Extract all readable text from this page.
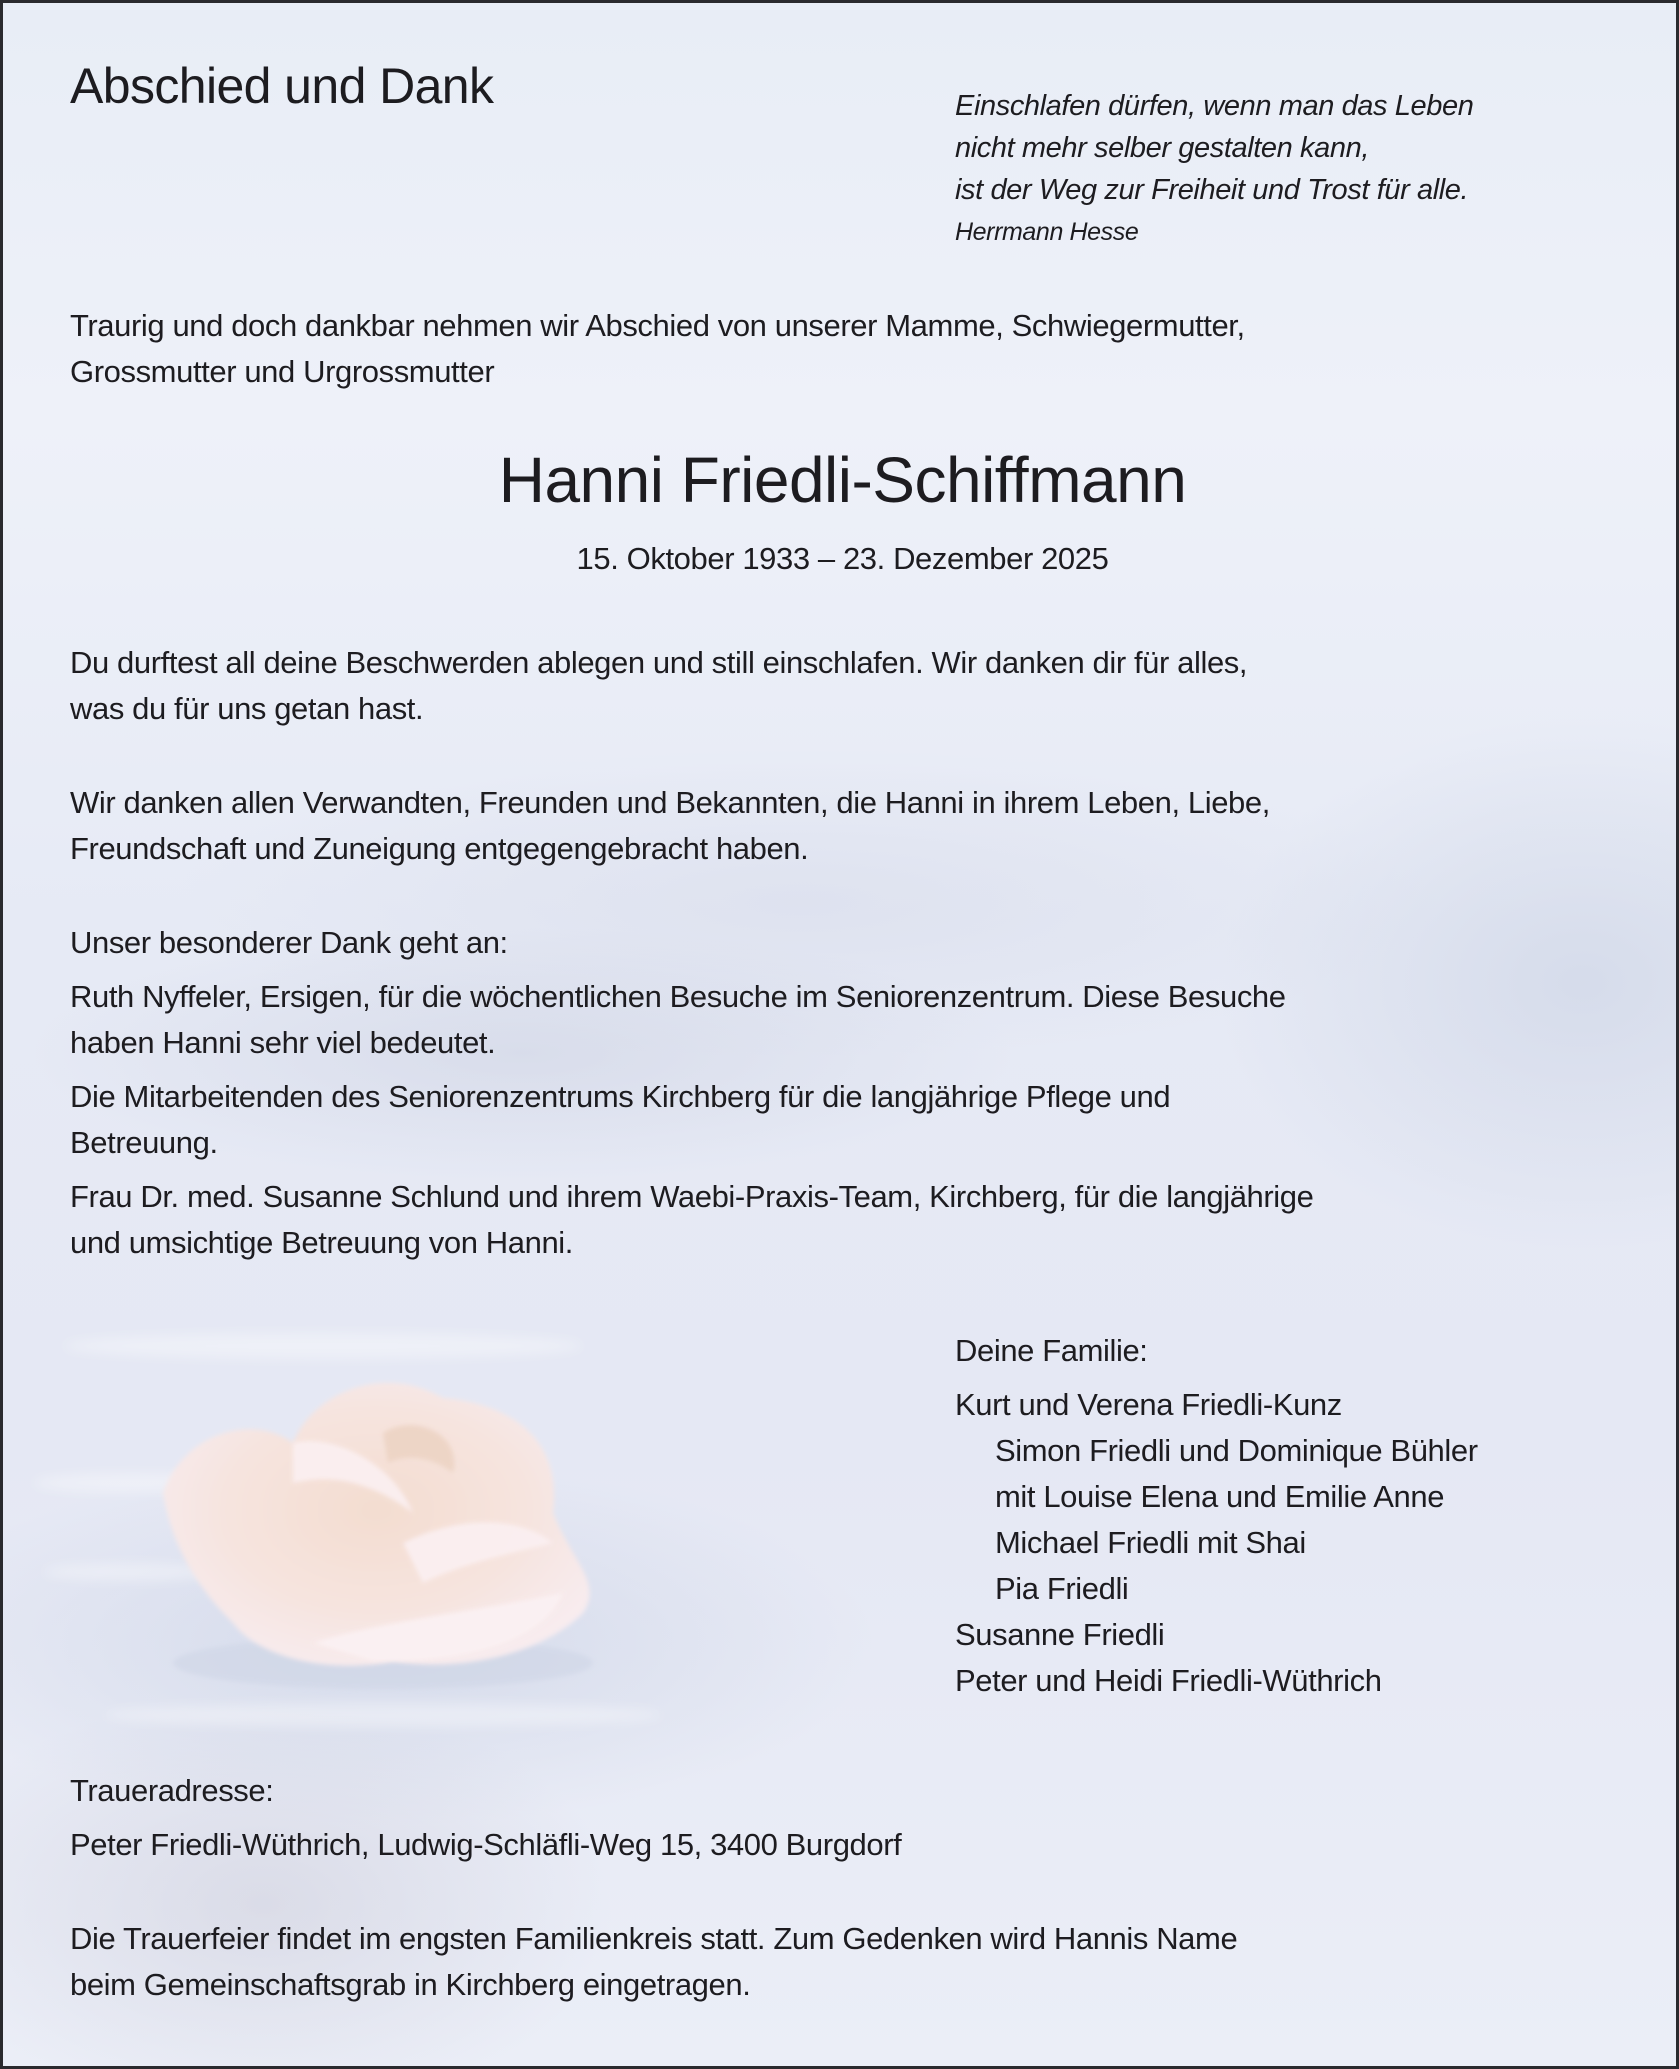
Abschied und Dank	Einschlafen dürfen, wenn man das Leben
nicht mehr selber gestalten kann,
ist der Weg zur Freiheit und Trost für alle.
Herrmann Hesse
Traurig und doch dankbar nehmen wir Abschied von unserer Mamme, Schwiegermutter,
Grossmutter und Urgrossmutter
Hanni Friedli-Schiffmann
15. Oktober 1933 – 23. Dezember 2025
Du durftest all deine Beschwerden ablegen und still einschlafen. Wir danken dir für alles,
was du für uns getan hast.
Wir danken allen Verwandten, Freunden und Bekannten, die Hanni in ihrem Leben, Liebe,
Freundschaft und Zuneigung entgegengebracht haben.
Unser besonderer Dank geht an:
Ruth Nyffeler, Ersigen, für die wöchentlichen Besuche im Seniorenzentrum. Diese Besuche
haben Hanni sehr viel bedeutet.
Die Mitarbeitenden des Seniorenzentrums Kirchberg für die langjährige Pflege und
Betreuung.
Frau Dr. med. Susanne Schlund und ihrem Waebi-Praxis-Team, Kirchberg, für die langjährige
und umsichtige Betreuung von Hanni.
Deine Familie:
Kurt und Verena Friedli-Kunz
Simon Friedli und Dominique Bühler
mit Louise Elena und Emilie Anne
Michael Friedli mit Shai
Pia Friedli
Susanne Friedli
Peter und Heidi Friedli-Wüthrich
Traueradresse:
Peter Friedli-Wüthrich, Ludwig-Schläfli-Weg 15, 3400 Burgdorf
Die Trauerfeier findet im engsten Familienkreis statt. Zum Gedenken wird Hannis Name
beim Gemeinschaftsgrab in Kirchberg eingetragen.
